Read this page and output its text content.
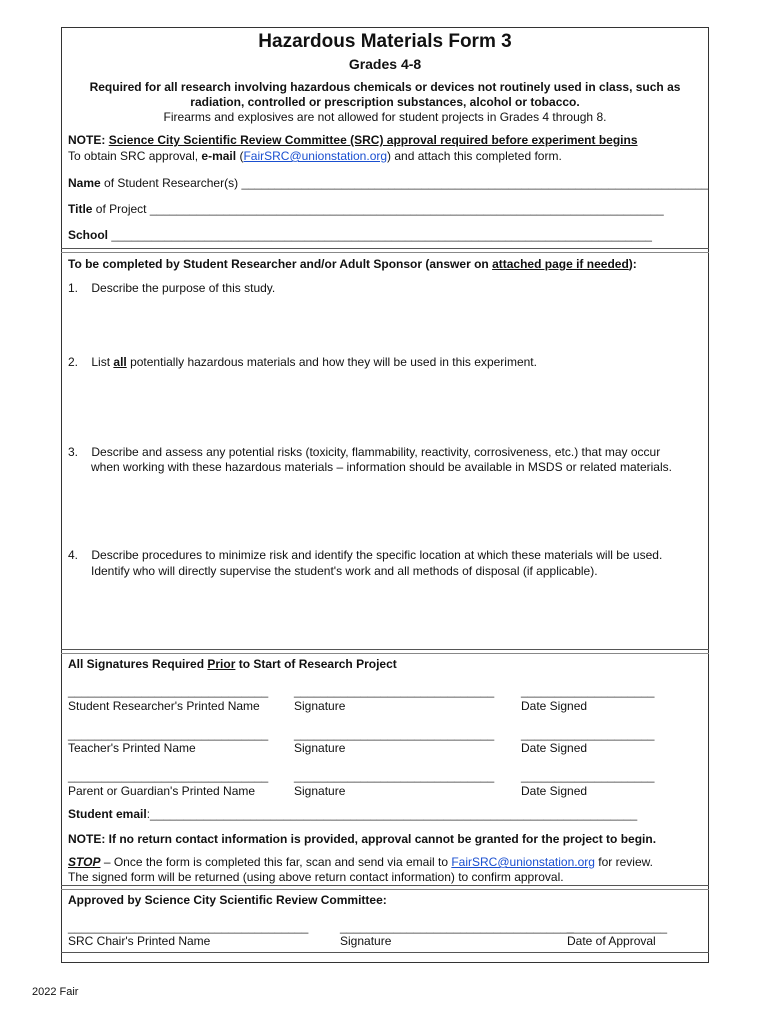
Hazardous Materials Form 3
Grades 4-8
Required for all research involving hazardous chemicals or devices not routinely used in class, such as
radiation, controlled or prescription substances, alcohol or tobacco.
Firearms and explosives are not allowed for student projects in Grades 4 through 8.
NOTE: Science City Scientific Review Committee (SRC) approval required before experiment begins
To obtain SRC approval, e-mail (FairSRC@unionstation.org) and attach this completed form.
Name of Student Researcher(s) ______________________________________________________________________
Title of Project _____________________________________________________________________________
School _________________________________________________________________________________
To be completed by Student Researcher and/or Adult Sponsor (answer on attached page if needed):
1. Describe the purpose of this study.
2. List all potentially hazardous materials and how they will be used in this experiment.
3. Describe and assess any potential risks (toxicity, flammability, reactivity, corrosiveness, etc.) that may occur
when working with these hazardous materials – information should be available in MSDS or related materials.
4. Describe procedures to minimize risk and identify the specific location at which these materials will be used.
Identify who will directly supervise the student's work and all methods of disposal (if applicable).
All Signatures Required Prior to Start of Research Project
______________________________ ______________________________ ____________________
Student Researcher's Printed Name	Signature	Date Signed
______________________________ ______________________________ ____________________
Teacher's Printed Name	Signature	Date Signed
______________________________ ______________________________ ____________________
Parent or Guardian's Printed Name	Signature	Date Signed
Student email:_________________________________________________________________________
NOTE: If no return contact information is provided, approval cannot be granted for the project to begin.
STOP – Once the form is completed this far, scan and send via email to FairSRC@unionstation.org for review.
The signed form will be returned (using above return contact information) to confirm approval.
Approved by Science City Scientific Review Committee:
____________________________________	___________________________________
_______________
SRC Chair's Printed Name	Signature	Date of Approval
2022 Fair
